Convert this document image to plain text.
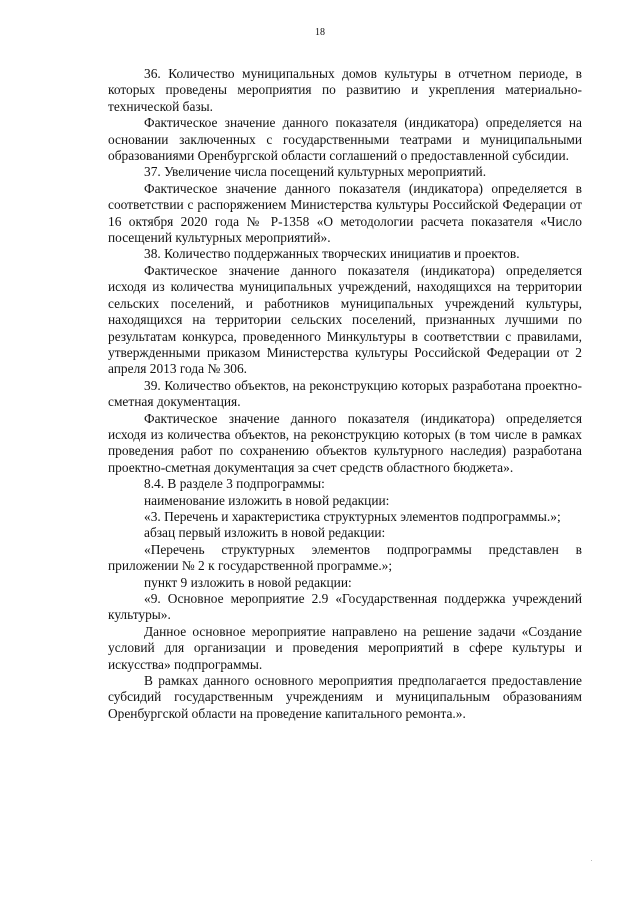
18

36. Количество муниципальных домов культуры в отчетном периоде, в которых проведены мероприятия по развитию и укрепления материально-технической базы.

Фактическое значение данного показателя (индикатора) определяется на основании заключенных с государственными театрами и муниципальными образованиями Оренбургской области соглашений о предоставленной субсидии.

37. Увеличение числа посещений культурных мероприятий.

Фактическое значение данного показателя (индикатора) определяется в соответствии с распоряжением Министерства культуры Российской Федерации от 16 октября 2020 года № Р-1358 «О методологии расчета показателя «Число посещений культурных мероприятий».

38. Количество поддержанных творческих инициатив и проектов.

Фактическое значение данного показателя (индикатора) определяется исходя из количества муниципальных учреждений, находящихся на территории сельских поселений, и работников муниципальных учреждений культуры, находящихся на территории сельских поселений, признанных лучшими по результатам конкурса, проведенного Минкультуры в соответствии с правилами, утвержденными приказом Министерства культуры Российской Федерации от 2 апреля 2013 года № 306.

39. Количество объектов, на реконструкцию которых разработана проектно-сметная документация.

Фактическое значение данного показателя (индикатора) определяется исходя из количества объектов, на реконструкцию которых (в том числе в рамках проведения работ по сохранению объектов культурного наследия) разработана проектно-сметная документация за счет средств областного бюджета».

8.4. В разделе 3 подпрограммы:

наименование изложить в новой редакции:

«3. Перечень и характеристика структурных элементов подпрограммы.»;

абзац первый изложить в новой редакции:

«Перечень структурных элементов подпрограммы представлен в приложении № 2 к государственной программе.»;

пункт 9 изложить в новой редакции:

«9. Основное мероприятие 2.9 «Государственная поддержка учреждений культуры».

Данное основное мероприятие направлено на решение задачи «Создание условий для организации и проведения мероприятий в сфере культуры и искусства» подпрограммы.

В рамках данного основного мероприятия предполагается предоставление субсидий государственным учреждениям и муниципальным образованиям Оренбургской области на проведение капитального ремонта.».
